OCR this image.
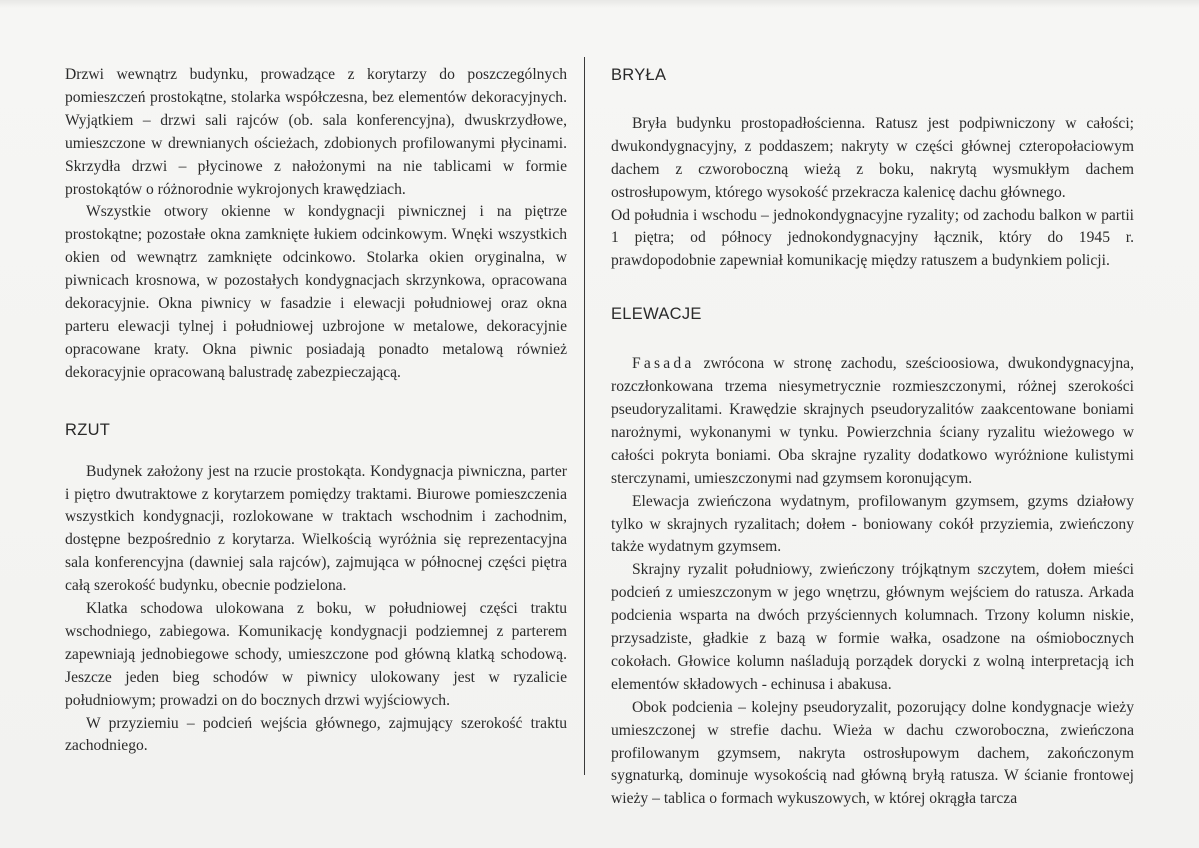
Drzwi wewnątrz budynku, prowadzące z korytarzy do poszczególnych pomieszczeń prostokątne, stolarka współczesna, bez elementów dekoracyjnych. Wyjątkiem – drzwi sali rajców (ob. sala konferencyjna), dwuskrzydłowe, umieszczone w drewnianych ościeżach, zdobionych profilowanymi płycinami. Skrzydła drzwi – płycinowe z nałożonymi na nie tablicami w formie prostokątów o różnorodnie wykrojonych krawędziach.

Wszystkie otwory okienne w kondygnacji piwnicznej i na piętrze prostokątne; pozostałe okna zamknięte łukiem odcinkowym. Wnęki wszystkich okien od wewnątrz zamknięte odcinkowo. Stolarka okien oryginalna, w piwnicach krosnowa, w pozostałych kondygnacjach skrzynkowa, opracowana dekoracyjnie. Okna piwnicy w fasadzie i elewacji południowej oraz okna parteru elewacji tylnej i południowej uzbrojone w metalowe, dekoracyjnie opracowane kraty. Okna piwnic posiadają ponadto metalową również dekoracyjnie opracowaną balustradę zabezpieczającą.

RZUT

Budynek założony jest na rzucie prostokąta. Kondygnacja piwniczna, parter i piętro dwutraktowe z korytarzem pomiędzy traktami. Biurowe pomieszczenia wszystkich kondygnacji, rozlokowane w traktach wschodnim i zachodnim, dostępne bezpośrednio z korytarza. Wielkością wyróżnia się reprezentacyjna sala konferencyjna (dawniej sala rajców), zajmująca w północnej części piętra całą szerokość budynku, obecnie podzielona.

Klatka schodowa ulokowana z boku, w południowej części traktu wschodniego, zabiegowa. Komunikację kondygnacji podziemnej z parterem zapewniają jednobiegowe schody, umieszczone pod główną klatką schodową. Jeszcze jeden bieg schodów w piwnicy ulokowany jest w ryzalicie południowym; prowadzi on do bocznych drzwi wyjściowych.

W przyziemiu – podcień wejścia głównego, zajmujący szerokość traktu zachodniego.

BRYŁA

Bryła budynku prostopadłościenna. Ratusz jest podpiwniczony w całości; dwukondygnacyjny, z poddaszem; nakryty w części głównej czteropołaciowym dachem z czworoboczną wieżą z boku, nakrytą wysmukłym dachem ostrosłupowym, którego wysokość przekracza kalenicę dachu głównego.

Od południa i wschodu – jednokondygnacyjne ryzality; od zachodu balkon w partii 1 piętra; od północy jednokondygnacyjny łącznik, który do 1945 r. prawdopodobnie zapewniał komunikację między ratuszem a budynkiem policji.

ELEWACJE

Fasada zwrócona w stronę zachodu, sześcioosiowa, dwukondygnacyjna, rozczłonkowana trzema niesymetrycznie rozmieszczonymi, różnej szerokości pseudoryzalitami. Krawędzie skrajnych pseudoryzalitów zaakcentowane boniami narożnymi, wykonanymi w tynku. Powierzchnia ściany ryzalitu wieżowego w całości pokryta boniami. Oba skrajne ryzality dodatkowo wyróżnione kulistymi sterczynami, umieszczonymi nad gzymsem koronującym.

Elewacja zwieńczona wydatnym, profilowanym gzymsem, gzyms działowy tylko w skrajnych ryzalitach; dołem - boniowany cokół przyziemia, zwieńczony także wydatnym gzymsem.

Skrajny ryzalit południowy, zwieńczony trójkątnym szczytem, dołem mieści podcień z umieszczonym w jego wnętrzu, głównym wejściem do ratusza. Arkada podcienia wsparta na dwóch przyściennych kolumnach. Trzony kolumn niskie, przysadziste, gładkie z bazą w formie wałka, osadzone na ośmiobocznych cokołach. Głowice kolumn naśladują porządek dorycki z wolną interpretacją ich elementów składowych - echinusa i abakusa.

Obok podcienia – kolejny pseudoryzalit, pozorujący dolne kondygnacje wieży umieszczonej w strefie dachu. Wieża w dachu czworoboczna, zwieńczona profilowanym gzymsem, nakryta ostrosłupowym dachem, zakończonym sygnaturką, dominuje wysokością nad główną bryłą ratusza. W ścianie frontowej wieży – tablica o formach wykuszowych, w której okrągła tarcza
